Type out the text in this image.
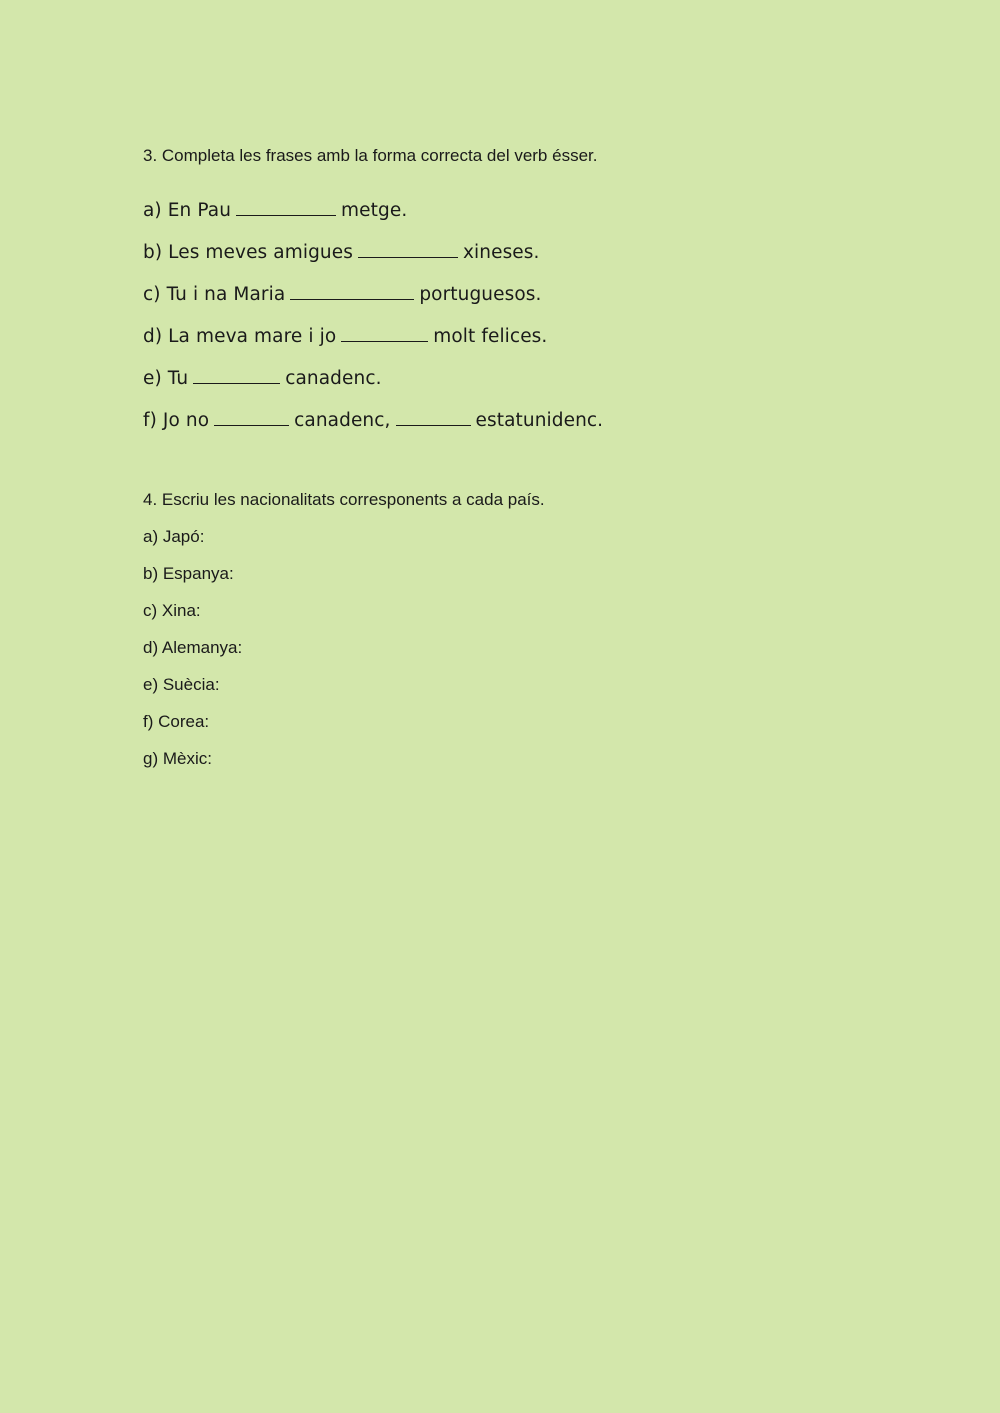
3. Completa les frases amb la forma correcta del verb ésser.
a) En Pau	metge.
b) Les meves amigues	xineses.
c) Tu i na Maria	portuguesos.
d) La meva mare i jo	molt felices.
e) Tu	canadenc.
f) Jo no	canadenc,	estatunidenc.
4. Escriu les nacionalitats corresponents a cada país.
a) Japó:
b) Espanya:
c) Xina:
d) Alemanya:
e) Suècia:
f) Corea:
g) Mèxic:
